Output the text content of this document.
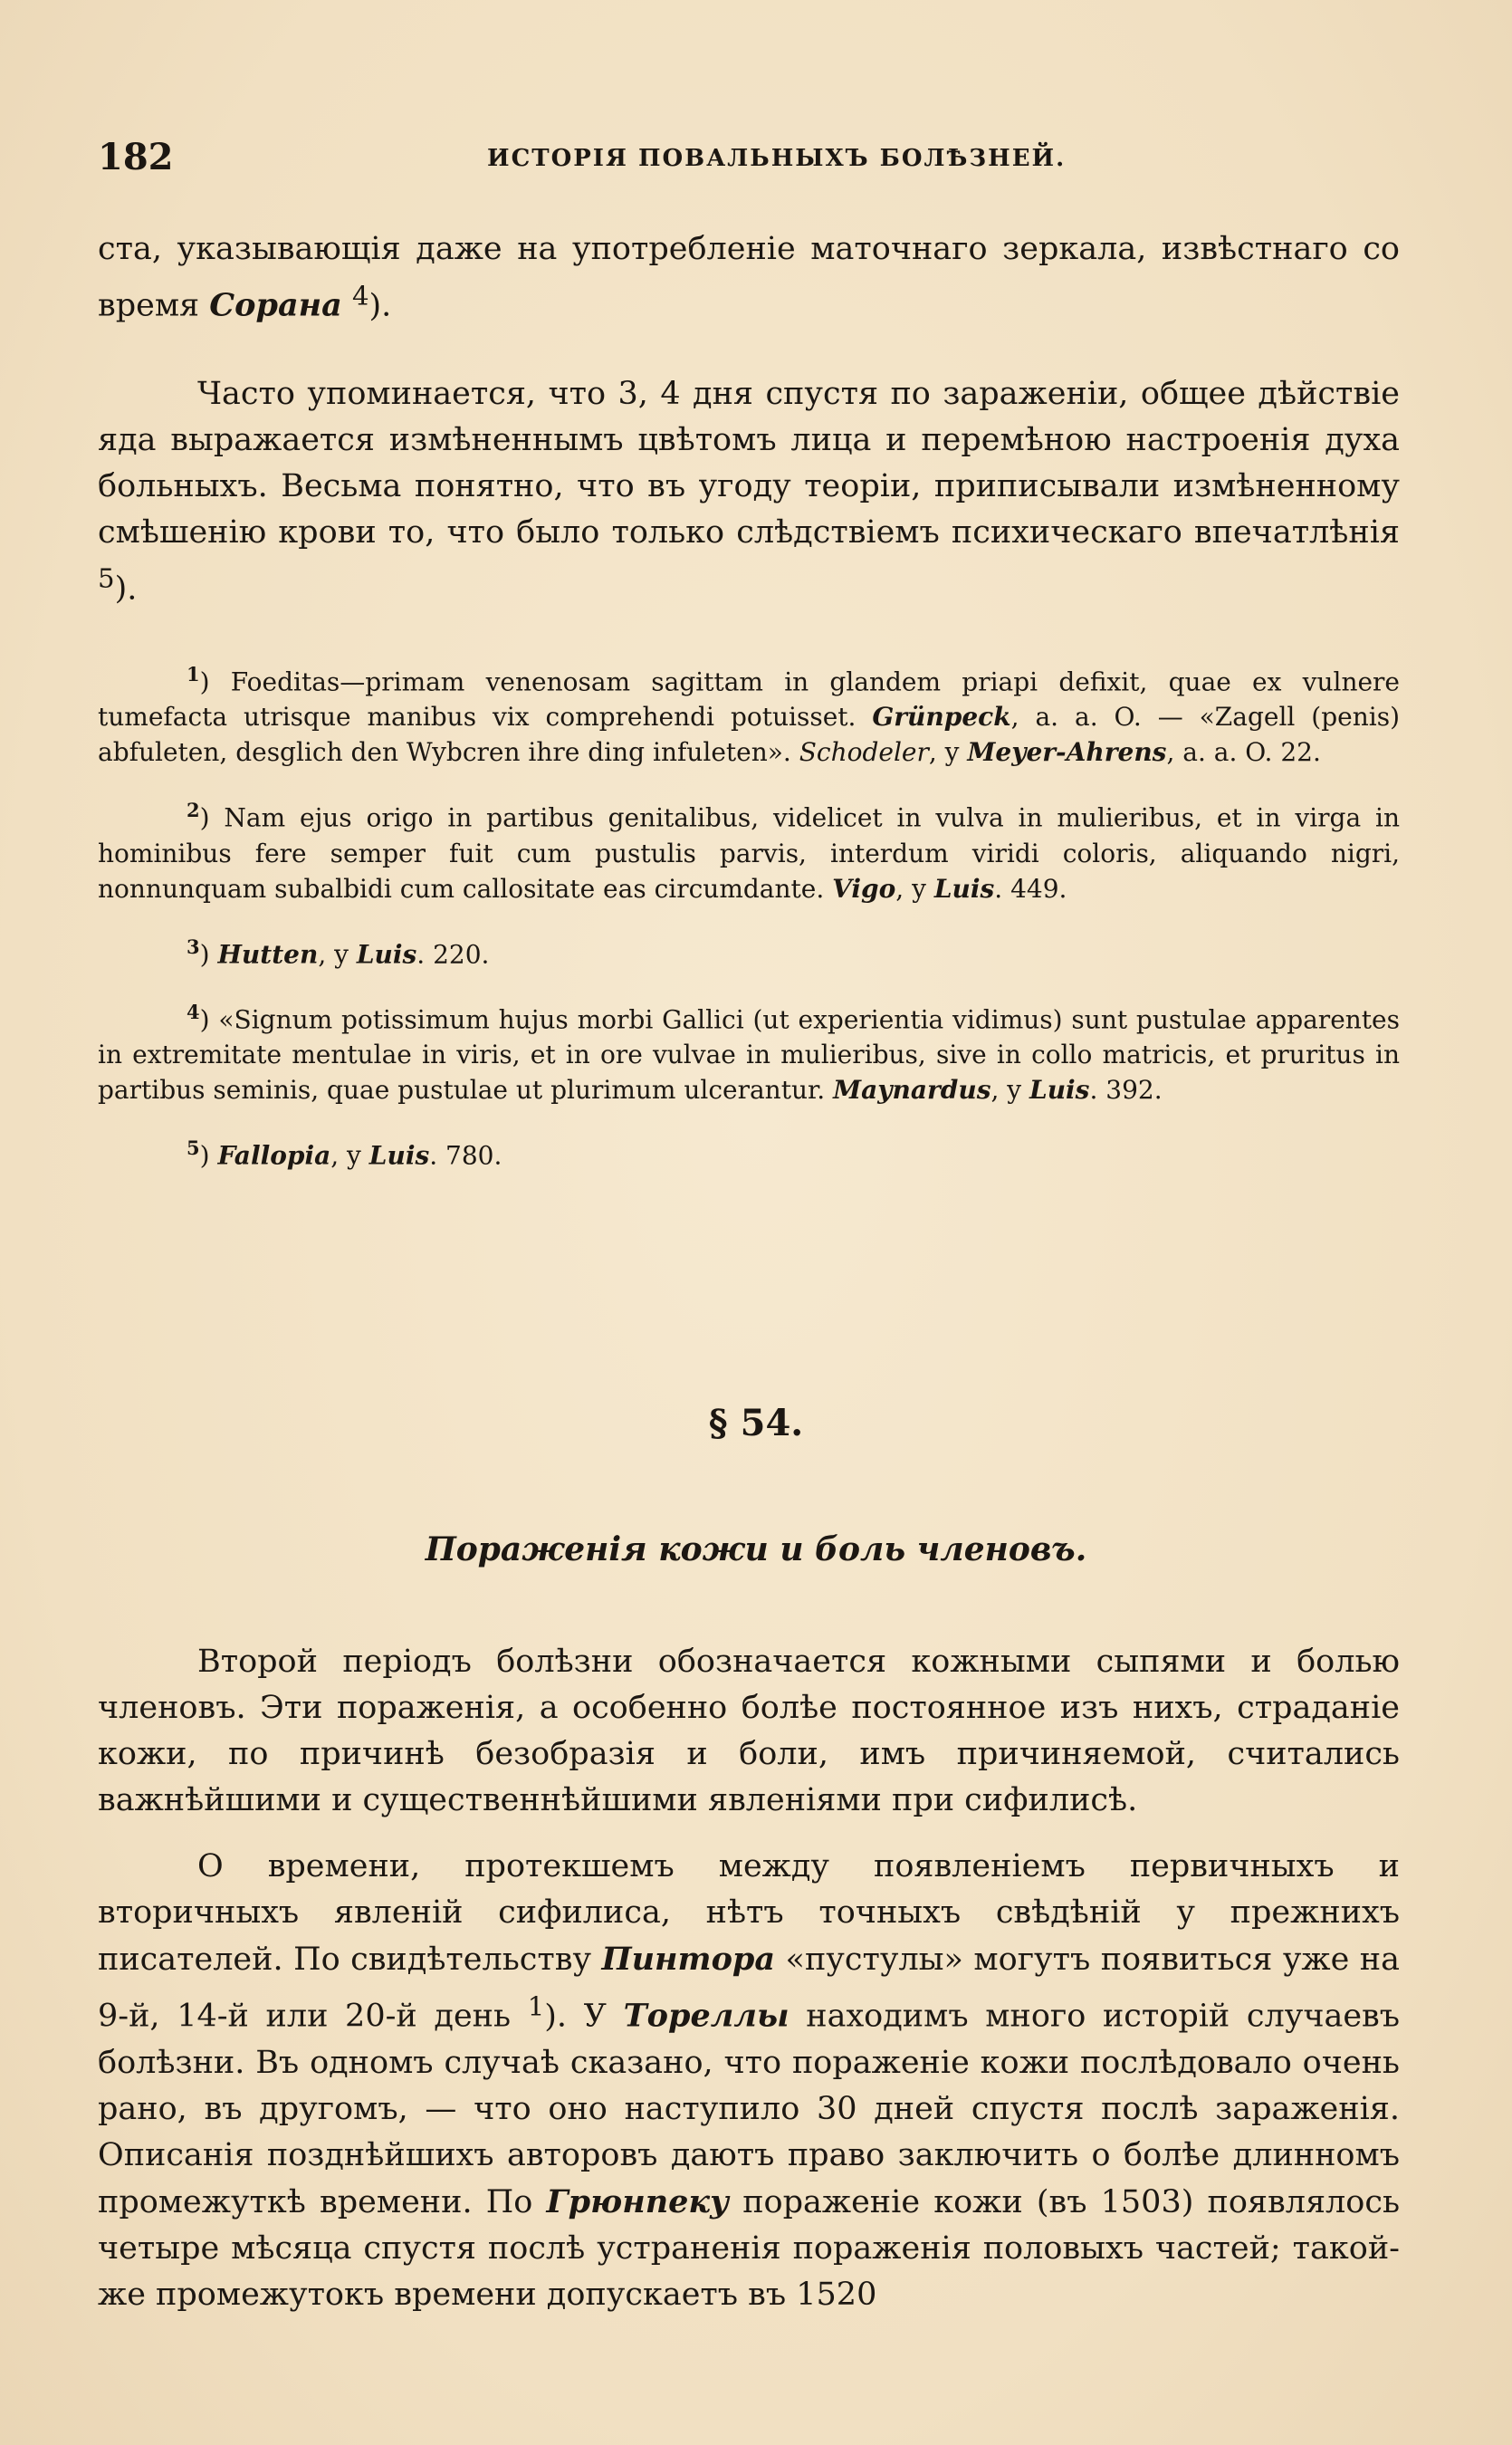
182	ИСТОРІЯ ПОВАЛЬНЫХЪ БОЛѢЗНЕЙ.

ста, указывающія даже на употребленіе маточнаго зеркала, извѣстнаго со время Сорана $^4$).

Часто упоминается, что 3, 4 дня спустя по зараженіи, общее дѣйствіе яда выражается измѣненнымъ цвѣтомъ лица и перемѣною настроенія духа больныхъ. Весьма понятно, что въ угоду теоріи, приписывали измѣненному смѣшенію крови то, что было только слѣдствіемъ психическаго впечатлѣнія $^5$).

$^1$) Foeditas—primam venenosam sagittam in glandem priapi defixit, quae ex vulnere tumefacta utrisque manibus vix comprehendi potuisset. Grünpeck, a. a. O. — «Zagell (penis) abfuleten, desglich den Wybcren ihre ding infuleten». Schodeler, y Meyer-Ahrens, a. a. O. 22.

$^2$) Nam ejus origo in partibus genitalibus, videlicet in vulva in mulieribus, et in virga in hominibus fere semper fuit cum pustulis parvis, interdum viridi coloris, aliquando nigri, nonnunquam subalbidi cum callositate eas circumdante. Vigo, y Luis. 449.

$^3$) Hutten, y Luis. 220.

$^4$) «Signum potissimum hujus morbi Gallici (ut experientia vidimus) sunt pustulae apparentes in extremitate mentulae in viris, et in ore vulvae in mulieribus, sive in collo matricis, et pruritus in partibus seminis, quae pustulae ut plurimum ulcerantur. Maynardus, y Luis. 392.

$^5$) Fallopia, y Luis. 780.

§ 54.
Пораженія кожи и боль членовъ.

Второй періодъ болѣзни обозначается кожными сыпями и болью членовъ. Эти пораженія, а особенно болѣе постоянное изъ нихъ, страданіе кожи, по причинѣ безобразія и боли, имъ причиняемой, считались важнѣйшими и существеннѣйшими явленіями при сифилисѣ.

О времени, протекшемъ между появленіемъ первичныхъ и вторичныхъ явленій сифилиса, нѣтъ точныхъ свѣдѣній у прежнихъ писателей. По свидѣтельству Пинтора «пустулы» могутъ появиться уже на 9-й, 14-й или 20-й день $^1$). У Тореллы находимъ много исторій случаевъ болѣзни. Въ одномъ случаѣ сказано, что пораженіе кожи послѣдовало очень рано, въ другомъ, — что оно наступило 30 дней спустя послѣ зараженія. Описанія позднѣйшихъ авторовъ даютъ право заключить о болѣе длинномъ промежуткѣ времени. По Грюнпеку пораженіе кожи (въ 1503) появлялось четыре мѣсяца спустя послѣ устраненія пораженія половыхъ частей; такой-же промежутокъ времени допускаетъ въ 1520
